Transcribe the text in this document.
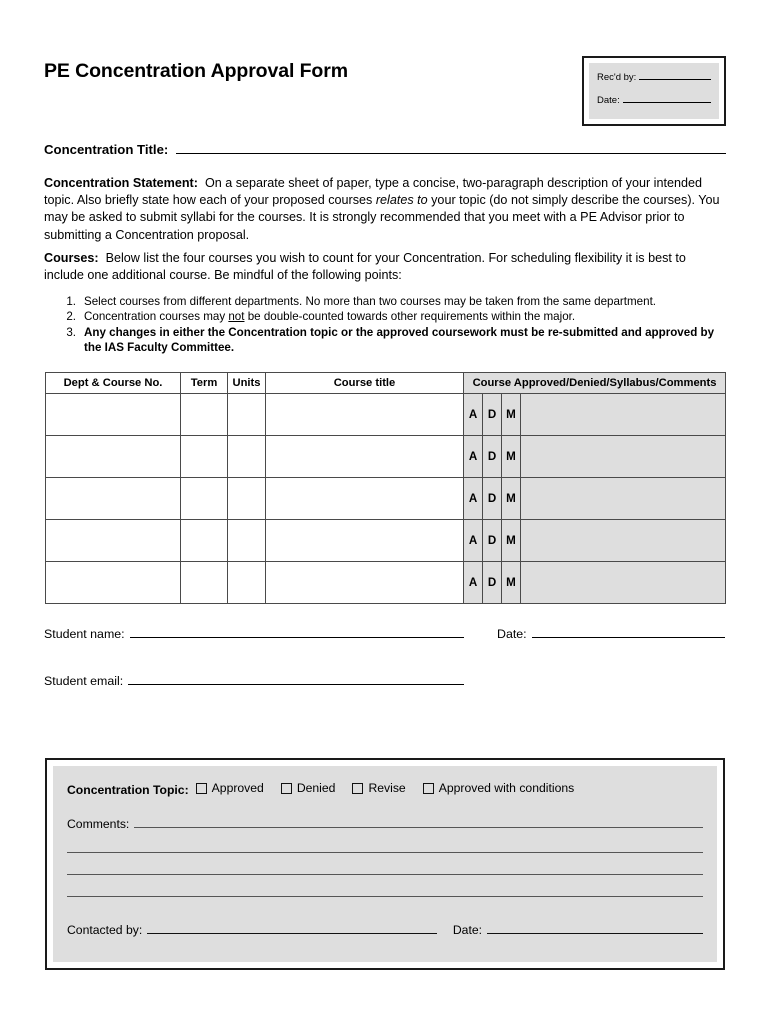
PE Concentration Approval Form	Rec'd by:
Date:
Concentration Title:
Concentration Statement: On a separate sheet of paper, type a concise, two-paragraph description of your intended topic. Also briefly state how each of your proposed courses relates to your topic (do not simply describe the courses). You may be asked to submit syllabi for the courses. It is strongly recommended that you meet with a PE Advisor prior to submitting a Concentration proposal.
Courses: Below list the four courses you wish to count for your Concentration. For scheduling flexibility it is best to include one additional course. Be mindful of the following points:
1. Select courses from different departments. No more than two courses may be taken from the same department.
2. Concentration courses may not be double-counted towards other requirements within the major.
3. Any changes in either the Concentration topic or the approved coursework must be re-submitted and approved by the IAS Faculty Committee.
Dept & Course No.	Term	Units	Course title	Course Approved/Denied/Syllabus/Comments			
				A	D	M	
				A	D	M	
				A	D	M	
				A	D	M	
				A	D	M	
Student name:	Date:
Student email:
Concentration Topic: Approved	Denied	Revise	Approved with conditions
Comments:
Contacted by:	Date:
